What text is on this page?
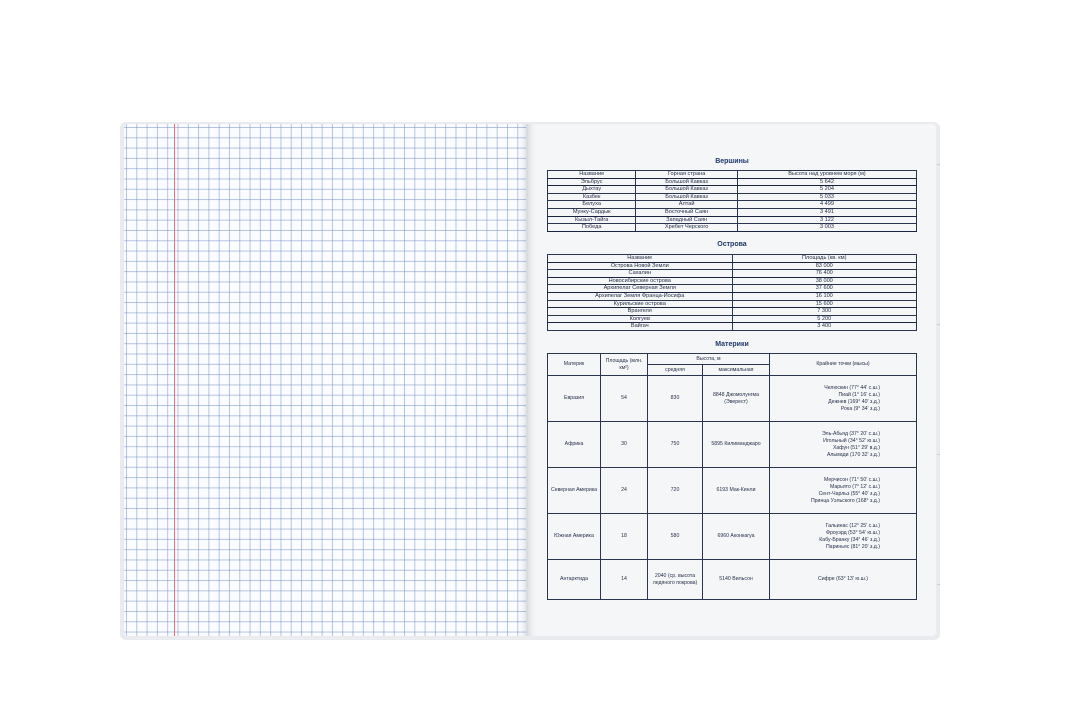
Вершины
Название	Горная страна	Высота над уровнем моря (м)
Эльбрус	Большой Кавказ	5 642
Дыхтау	Большой Кавказ	5 204
Казбек	Большой Кавказ	5 033
Белуха	Алтай	4 499
Мунку-Сардык	Восточный Саян	3 491
Кызыл-Тайга	Западный Саян	3 122
Победа	Хребет Черского	3 003
Острова
Название	Площадь (кв. км)
Острова Новой Земли	83 000
Сахалин	76 400
Новосибирские острова	38 000
Архипелаг Северная Земля	37 600
Архипелаг Земля Франца-Иосифа	16 100
Курильские острова	15 600
Врангеля	7 300
Колгуев	5 200
Вайгач	3 400
Материки
Материк	Площадь (млн. км²)	Высота, м		Крайние точки (мысы)
		средняя	максимальная	
Евразия	54	830	8848 Джомолунгма (Эверест)	Челюскин (77° 44' с.ш.)
Пиай (1° 16' с.ш.)
Дежнев (169° 40' з.д.)
Рока (9° 34' з.д.)

Африка	30	750	5895 Килиманджаро	Эль-Абьяд (37° 20' с.ш.)
Игольный (34° 52' ю.ш.)
Хафун (51° 29' в.д.)
Альмади (170 32' з.д.)

Северная Америка	24	720	6193 Мак-Кинли	Мерчисон (71° 50' с.ш.)
Марьято (7° 12' с.ш.)
Сент-Чарльз (55° 40' з.д.)
Принца Уэльского (168° з.д.)

Южная Америка	18	580	6960 Аконкагуа	Гальинас (12° 25' с.ш.)
Фроуэрд (53° 54' ю.ш.)
Кабу-Бранку (34° 46' з.д.)
Париньяс (81° 20' з.д.)

Антарктида	14	2040 (ср. высота ледяного покрова)	5140 Вильсон	Сифре (63° 13' ю.ш.)
